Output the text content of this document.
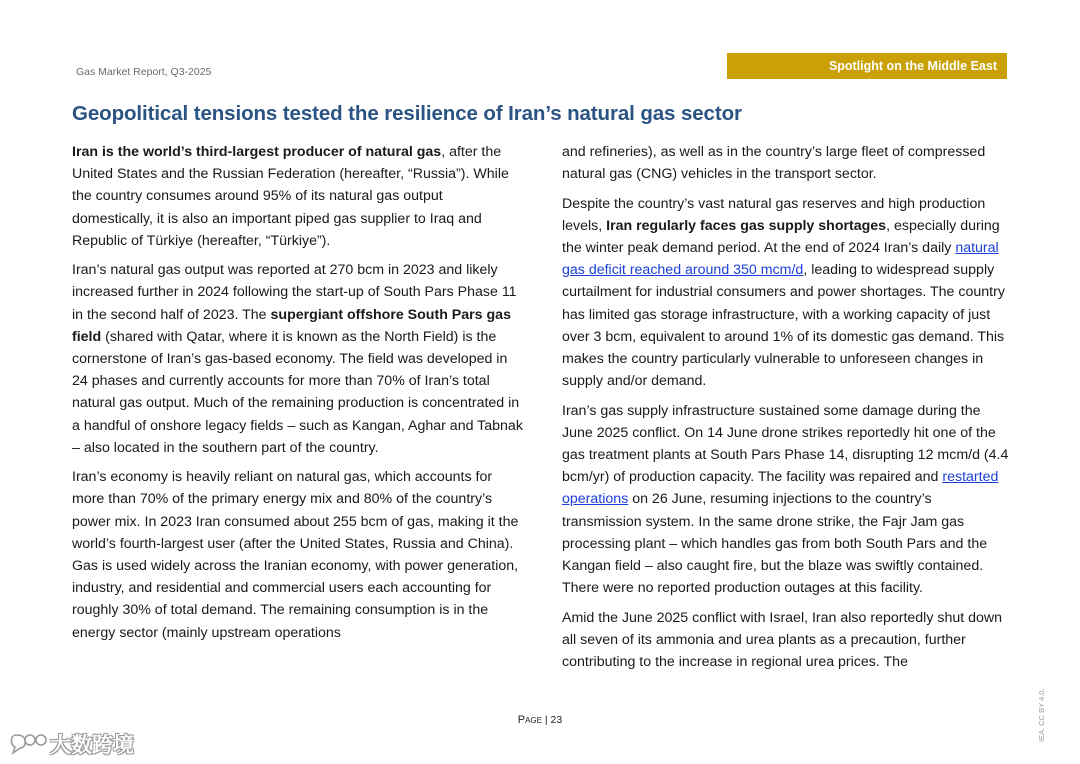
Gas Market Report, Q3-2025	Spotlight on the Middle East
Geopolitical tensions tested the resilience of Iran’s natural gas sector

Iran is the world’s third-largest producer of natural gas, after the United States and the Russian Federation (hereafter, “Russia”). While the country consumes around 95% of its natural gas output domestically, it is also an important piped gas supplier to Iraq and Republic of Türkiye (hereafter, “Türkiye”).

Iran’s natural gas output was reported at 270 bcm in 2023 and likely increased further in 2024 following the start-up of South Pars Phase 11 in the second half of 2023. The supergiant offshore South Pars gas field (shared with Qatar, where it is known as the North Field) is the cornerstone of Iran’s gas-based economy. The field was developed in 24 phases and currently accounts for more than 70% of Iran’s total natural gas output. Much of the remaining production is concentrated in a handful of onshore legacy fields – such as Kangan, Aghar and Tabnak – also located in the southern part of the country.

Iran’s economy is heavily reliant on natural gas, which accounts for more than 70% of the primary energy mix and 80% of the country’s power mix. In 2023 Iran consumed about 255 bcm of gas, making it the world’s fourth-largest user (after the United States, Russia and China). Gas is used widely across the Iranian economy, with power generation, industry, and residential and commercial users each accounting for roughly 30% of total demand. The remaining consumption is in the energy sector (mainly upstream operations

and refineries), as well as in the country’s large fleet of compressed natural gas (CNG) vehicles in the transport sector.

Despite the country’s vast natural gas reserves and high production levels, Iran regularly faces gas supply shortages, especially during the winter peak demand period. At the end of 2024 Iran’s daily natural gas deficit reached around 350 mcm/d, leading to widespread supply curtailment for industrial consumers and power shortages. The country has limited gas storage infrastructure, with a working capacity of just over 3 bcm, equivalent to around 1% of its domestic gas demand. This makes the country particularly vulnerable to unforeseen changes in supply and/or demand.

Iran’s gas supply infrastructure sustained some damage during the June 2025 conflict. On 14 June drone strikes reportedly hit one of the gas treatment plants at South Pars Phase 14, disrupting 12 mcm/d (4.4 bcm/yr) of production capacity. The facility was repaired and restarted operations on 26 June, resuming injections to the country’s transmission system. In the same drone strike, the Fajr Jam gas processing plant – which handles gas from both South Pars and the Kangan field – also caught fire, but the blaze was swiftly contained. There were no reported production outages at this facility.

Amid the June 2025 conflict with Israel, Iran also reportedly shut down all seven of its ammonia and urea plants as a precaution, further contributing to the increase in regional urea prices. The

Page | 23	IEA. CC BY 4.0.
大数跨境
